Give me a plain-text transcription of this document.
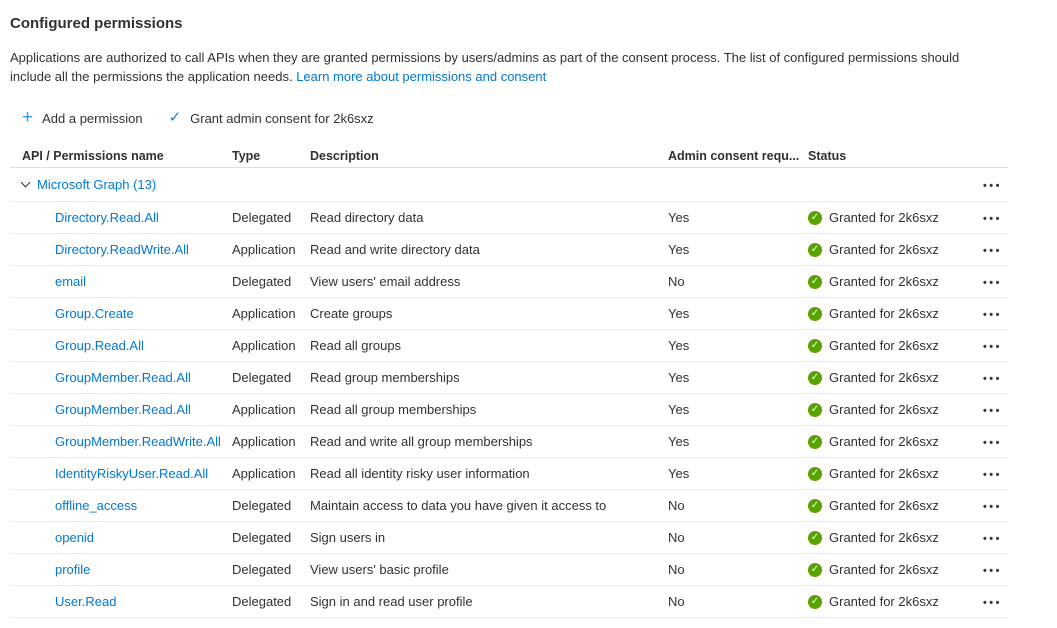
Configured permissions
Applications are authorized to call APIs when they are granted permissions by users/admins as part of the consent process. The list of configured permissions should include all the permissions the application needs. Learn more about permissions and consent
+ Add a permission ✓ Grant admin consent for 2k6sxz
API / Permissions name	Type	Description	Admin consent requ... Status
Microsoft Graph (13)	•••
Directory.Read.All	Delegated	Read directory data	Yes	✓ Granted for 2k6sxz	•••
Directory.ReadWrite.All	Application	Read and write directory data	Yes	✓ Granted for 2k6sxz	•••
email	Delegated	View users' email address	No	✓ Granted for 2k6sxz	•••
Group.Create	Application	Create groups	Yes	✓ Granted for 2k6sxz	•••
Group.Read.All	Application	Read all groups	Yes	✓ Granted for 2k6sxz	•••
GroupMember.Read.All	Delegated	Read group memberships	Yes	✓ Granted for 2k6sxz	•••
GroupMember.Read.All	Application	Read all group memberships	Yes	✓ Granted for 2k6sxz	•••
GroupMember.ReadWrite.All Application	Read and write all group memberships	Yes	✓ Granted for 2k6sxz	•••
IdentityRiskyUser.Read.All Application	Read all identity risky user information	Yes	✓ Granted for 2k6sxz	•••
offline_access	Delegated	Maintain access to data you have given it access to	No	✓ Granted for 2k6sxz	•••
openid	Delegated	Sign users in	No	✓ Granted for 2k6sxz	•••
profile	Delegated	View users' basic profile	No	✓ Granted for 2k6sxz	•••
User.Read	Delegated	Sign in and read user profile	No	✓ Granted for 2k6sxz	•••
